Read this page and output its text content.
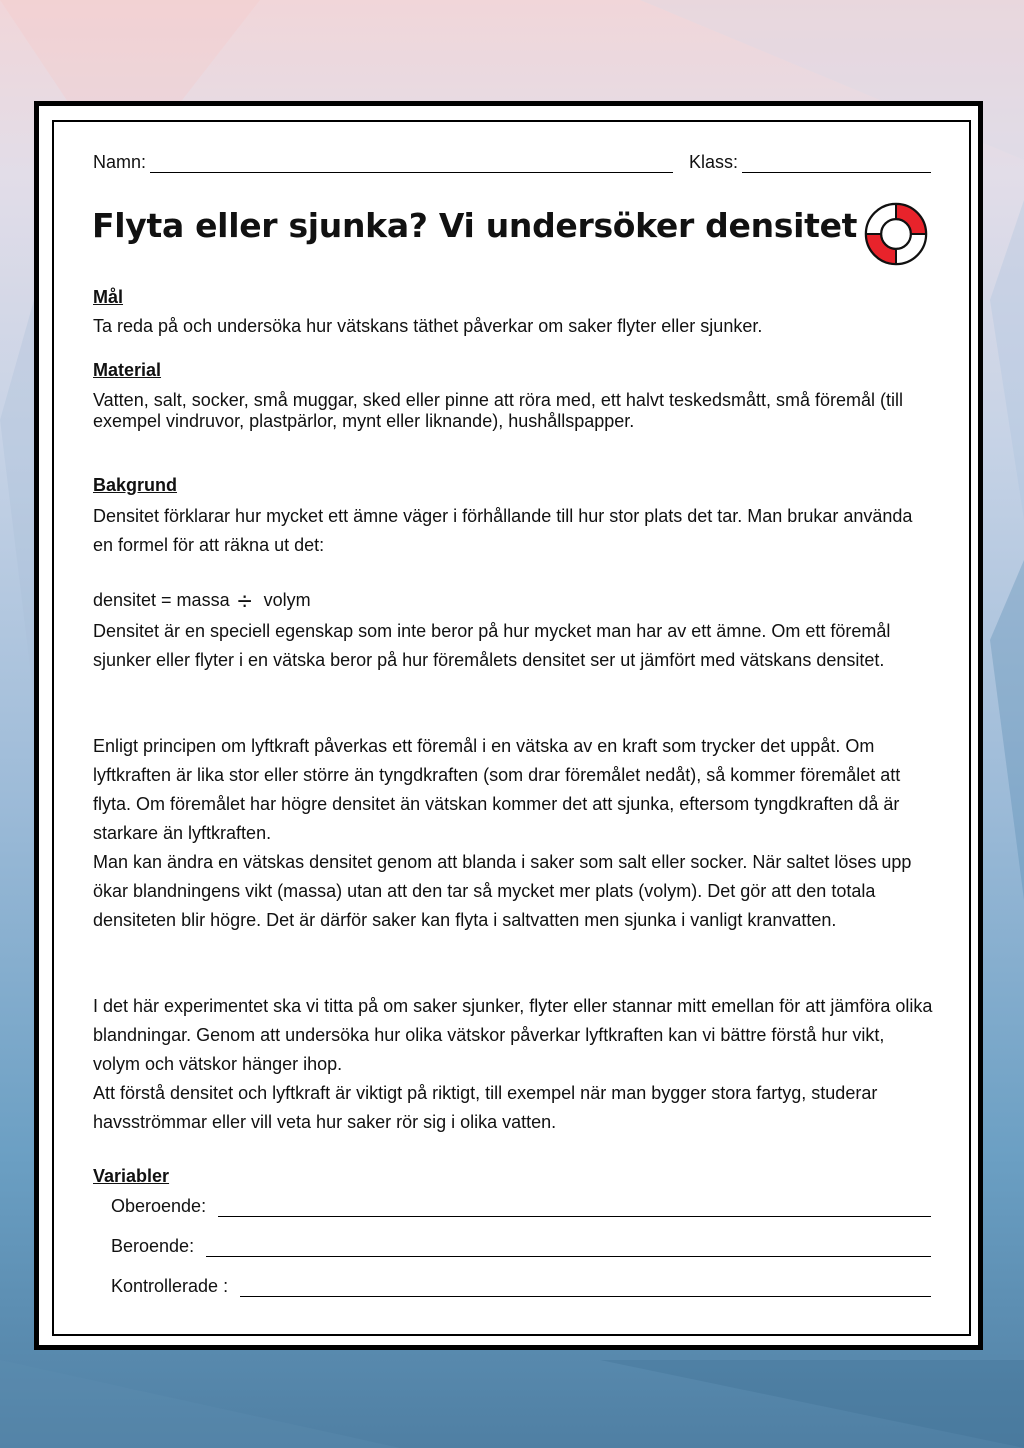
Namn:	Klass:
Flyta eller sjunka? Vi undersöker densitet
Mål

Ta reda på och undersöka hur vätskans täthet påverkar om saker flyter eller sjunker.

Material

Vatten, salt, socker, små muggar, sked eller pinne att röra med, ett halvt teskedsmått, små föremål (till exempel vindruvor, plastpärlor, mynt eller liknande), hushållspapper.

Bakgrund

Densitet förklarar hur mycket ett ämne väger i förhållande till hur stor plats det tar. Man brukar använda en formel för att räkna ut det:

densitet = massa ÷ volym

Densitet är en speciell egenskap som inte beror på hur mycket man har av ett ämne. Om ett föremål sjunker eller flyter i en vätska beror på hur föremålets densitet ser ut jämfört med vätskans densitet.

Enligt principen om lyftkraft påverkas ett föremål i en vätska av en kraft som trycker det uppåt. Om lyftkraften är lika stor eller större än tyngdkraften (som drar föremålet nedåt), så kommer föremålet att flyta. Om föremålet har högre densitet än vätskan kommer det att sjunka, eftersom tyngdkraften då är starkare än lyftkraften.

Man kan ändra en vätskas densitet genom att blanda i saker som salt eller socker. När saltet löses upp ökar blandningens vikt (massa) utan att den tar så mycket mer plats (volym). Det gör att den totala densiteten blir högre. Det är därför saker kan flyta i saltvatten men sjunka i vanligt kranvatten.

I det här experimentet ska vi titta på om saker sjunker, flyter eller stannar mitt emellan för att jämföra olika blandningar. Genom att undersöka hur olika vätskor påverkar lyftkraften kan vi bättre förstå hur vikt, volym och vätskor hänger ihop.

Att förstå densitet och lyftkraft är viktigt på riktigt, till exempel när man bygger stora fartyg, studerar havsströmmar eller vill veta hur saker rör sig i olika vatten.

Variabler
Oberoende:
Beroende:
Kontrollerade :
